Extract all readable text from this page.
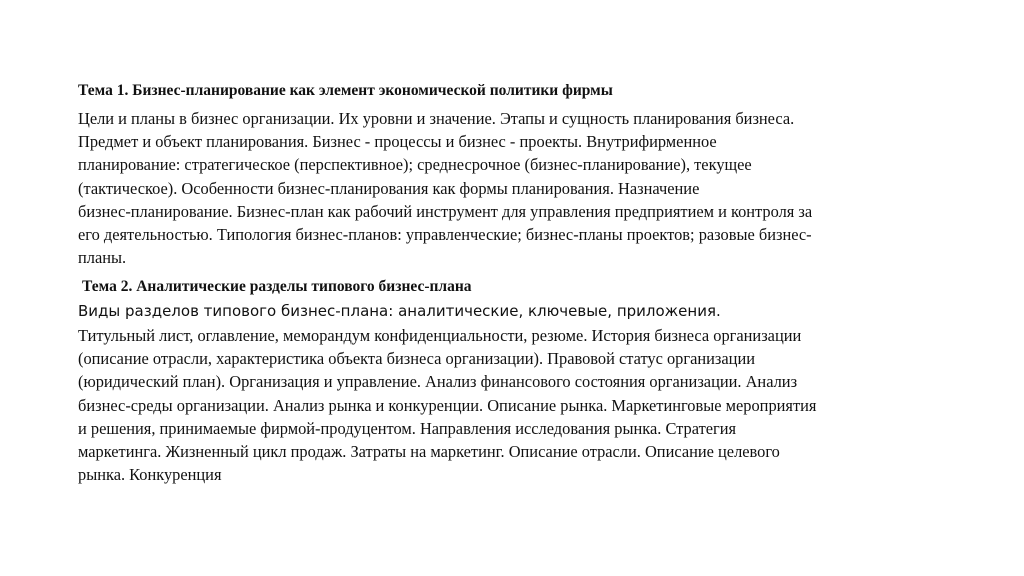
Тема 1. Бизнес-планирование как элемент экономической политики фирмы
Цели и планы в бизнес организации. Их уровни и значение. Этапы и сущность планирования бизнеса.
Предмет и объект планирования. Бизнес - процессы и бизнес - проекты. Внутрифирменное
планирование: стратегическое (перспективное); среднесрочное (бизнес-планирование), текущее
(тактическое). Особенности бизнес-планирования как формы планирования. Назначение
бизнес-планирование. Бизнес-план как рабочий инструмент для управления предприятием и контроля за
его деятельностью. Типология бизнес-планов: управленческие; бизнес-планы проектов; разовые бизнес-
планы.
Тема 2. Аналитические разделы типового бизнес-плана
Виды разделов типового бизнес-плана: аналитические, ключевые, приложения.
Титульный лист, оглавление, меморандум конфиденциальности, резюме. История бизнеса организации
(описание отрасли, характеристика объекта бизнеса организации). Правовой статус организации
(юридический план). Организация и управление. Анализ финансового состояния организации. Анализ
бизнес-среды организации. Анализ рынка и конкуренции. Описание рынка. Маркетинговые мероприятия
и решения, принимаемые фирмой-продуцентом. Направления исследования рынка. Стратегия
маркетинга. Жизненный цикл продаж. Затраты на маркетинг. Описание отрасли. Описание целевого
рынка. Конкуренция
